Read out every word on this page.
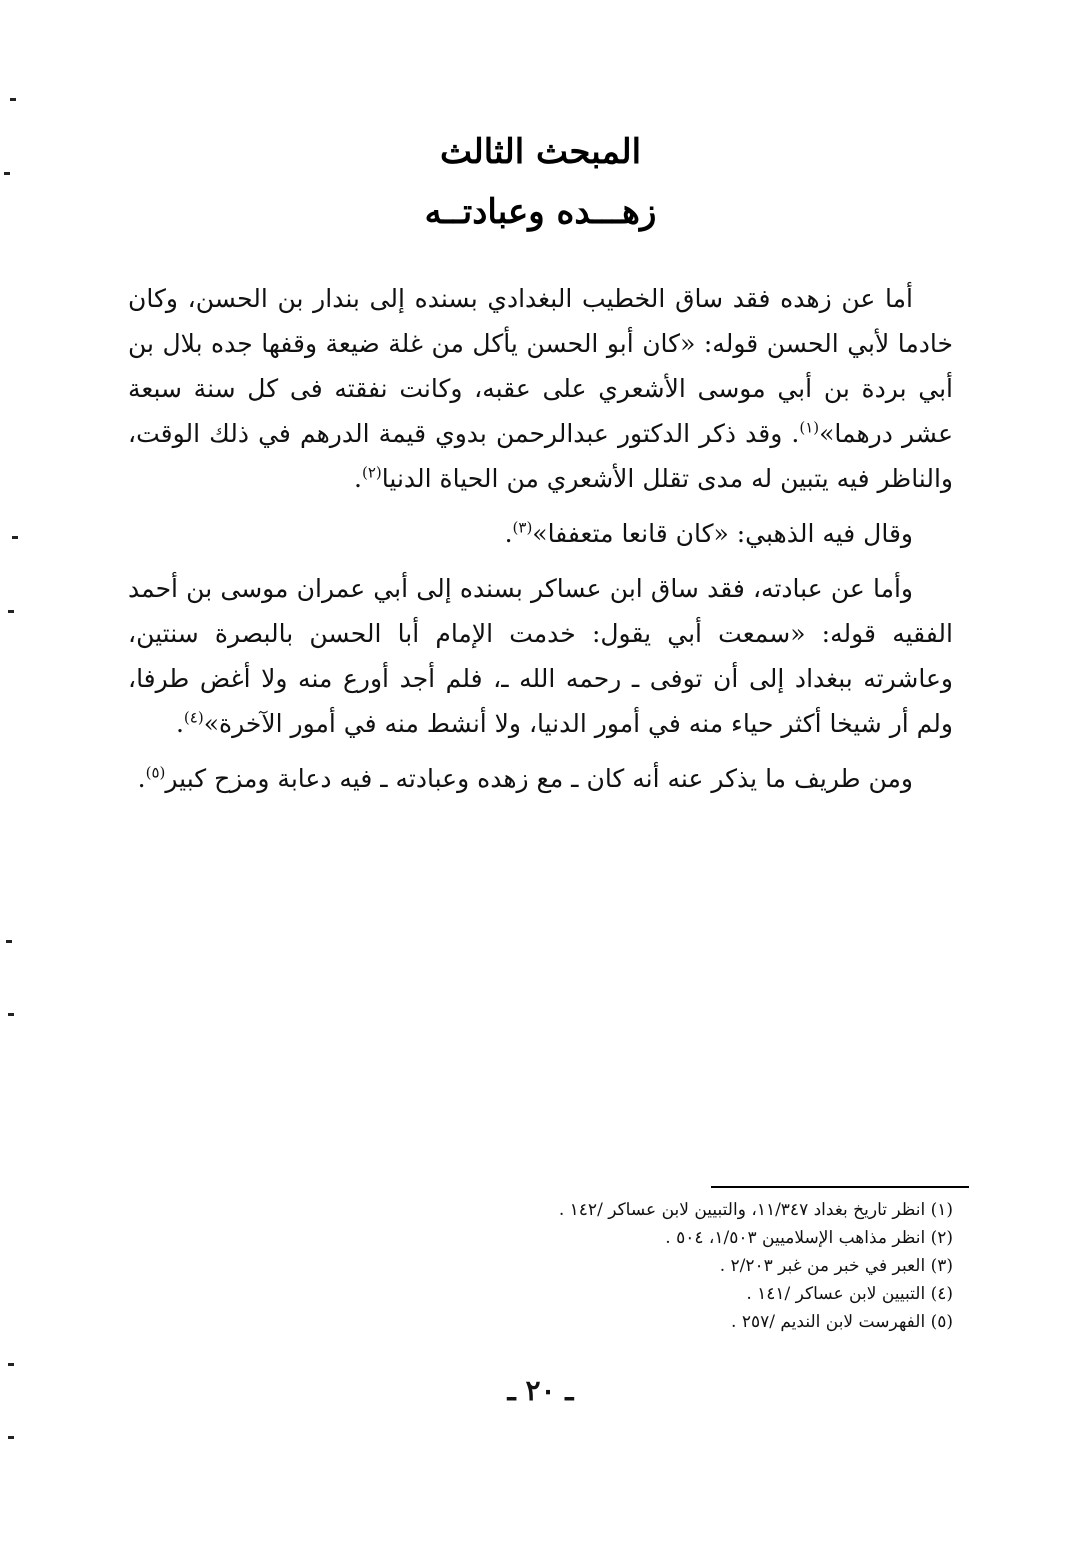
المبحث الثالث
زهـــده وعبادتــه

أما عن زهده فقد ساق الخطيب البغدادي بسنده إلى بندار بن الحسن، وكان خادما لأبي الحسن قوله: «كان أبو الحسن يأكل من غلة ضيعة وقفها جده بلال بن أبي بردة بن أبي موسى الأشعري على عقبه، وكانت نفقته فى كل سنة سبعة عشر درهما»$^{(١)}$. وقد ذكر الدكتور عبدالرحمن بدوي قيمة الدرهم في ذلك الوقت، والناظر فيه يتبين له مدى تقلل الأشعري من الحياة الدنيا$^{(٢)}$.

وقال فيه الذهبي: «كان قانعا متعففا»$^{(٣)}$.

وأما عن عبادته، فقد ساق ابن عساكر بسنده إلى أبي عمران موسى بن أحمد الفقيه قوله: «سمعت أبي يقول: خدمت الإمام أبا الحسن بالبصرة سنتين، وعاشرته ببغداد إلى أن توفى ـ رحمه الله ـ، فلم أجد أورع منه ولا أغض طرفا، ولم أر شيخا أكثر حياء منه في أمور الدنيا، ولا أنشط منه في أمور الآخرة»$^{(٤)}$.

ومن طريف ما يذكر عنه أنه كان ـ مع زهده وعبادته ـ فيه دعابة ومزح كبير$^{(٥)}$.

(١) انظر تاريخ بغداد ١١/٣٤٧، والتبيين لابن عساكر /١٤٢ .
(٢) انظر مذاهب الإسلاميين ١/٥٠٣، ٥٠٤ .
(٣) العبر في خبر من غبر ٢/٢٠٣ .
(٤) التبيين لابن عساكر /١٤١ .
(٥) الفهرست لابن النديم /٢٥٧ .
ـ ٢٠ ـ
